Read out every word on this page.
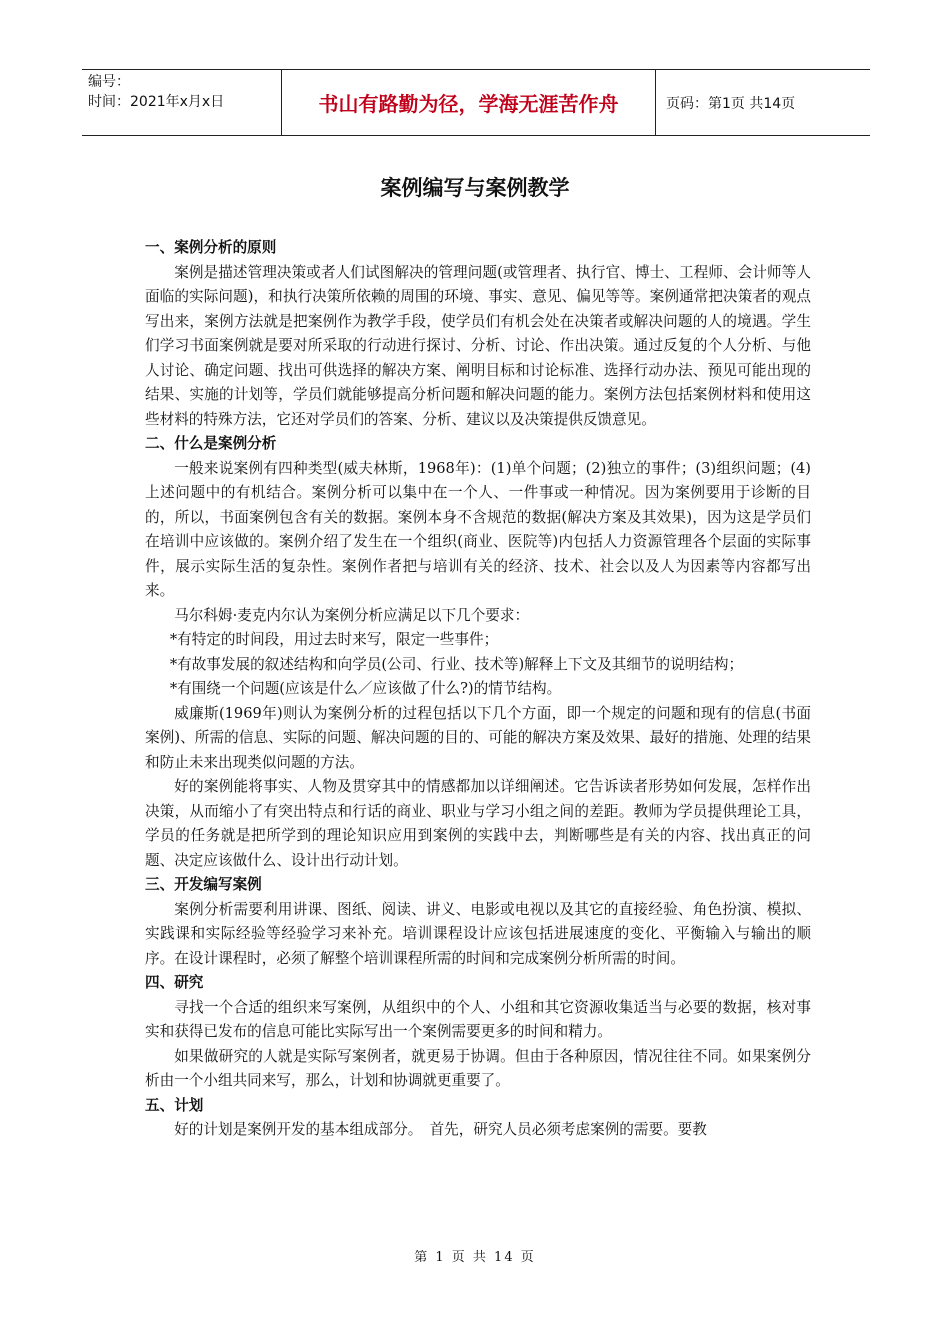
编号：
时间：2021年x月x日	书山有路勤为径，学海无涯苦作舟	页码：第1页 共14页
案例编写与案例教学

一、案例分析的原则

案例是描述管理决策或者人们试图解决的管理问题(或管理者、执行官、博士、工程师、会计师等人面临的实际问题)，和执行决策所依赖的周围的环境、事实、意见、偏见等等。案例通常把决策者的观点写出来，案例方法就是把案例作为教学手段，使学员们有机会处在决策者或解决问题的人的境遇。学生们学习书面案例就是要对所采取的行动进行探讨、分析、讨论、作出决策。通过反复的个人分析、与他人讨论、确定问题、找出可供选择的解决方案、阐明目标和讨论标准、选择行动办法、预见可能出现的结果、实施的计划等，学员们就能够提高分析问题和解决问题的能力。案例方法包括案例材料和使用这些材料的特殊方法，它还对学员们的答案、分析、建议以及决策提供反馈意见。

二、什么是案例分析

一般来说案例有四种类型(威夫林斯，1968年)：(1)单个问题；(2)独立的事件；(3)组织问题；(4)上述问题中的有机结合。案例分析可以集中在一个人、一件事或一种情况。因为案例要用于诊断的目的，所以，书面案例包含有关的数据。案例本身不含规范的数据(解决方案及其效果)，因为这是学员们在培训中应该做的。案例介绍了发生在一个组织(商业、医院等)内包括人力资源管理各个层面的实际事件，展示实际生活的复杂性。案例作者把与培训有关的经济、技术、社会以及人为因素等内容都写出来。

马尔科姆·麦克内尔认为案例分析应满足以下几个要求：

*有特定的时间段，用过去时来写，限定一些事件；

*有故事发展的叙述结构和向学员(公司、行业、技术等)解释上下文及其细节的说明结构；

*有围绕一个问题(应该是什么／应该做了什么?)的情节结构。

威廉斯(1969年)则认为案例分析的过程包括以下几个方面，即一个规定的问题和现有的信息(书面案例)、所需的信息、实际的问题、解决问题的目的、可能的解决方案及效果、最好的措施、处理的结果和防止未来出现类似问题的方法。

好的案例能将事实、人物及贯穿其中的情感都加以详细阐述。它告诉读者形势如何发展，怎样作出决策，从而缩小了有突出特点和行话的商业、职业与学习小组之间的差距。教师为学员提供理论工具，学员的任务就是把所学到的理论知识应用到案例的实践中去，判断哪些是有关的内容、找出真正的问题、决定应该做什么、设计出行动计划。

三、开发编写案例

案例分析需要利用讲课、图纸、阅读、讲义、电影或电视以及其它的直接经验、角色扮演、模拟、实践课和实际经验等经验学习来补充。培训课程设计应该包括进展速度的变化、平衡输入与输出的顺序。在设计课程时，必须了解整个培训课程所需的时间和完成案例分析所需的时间。

四、研究

寻找一个合适的组织来写案例，从组织中的个人、小组和其它资源收集适当与必要的数据，核对事实和获得已发布的信息可能比实际写出一个案例需要更多的时间和精力。

如果做研究的人就是实际写案例者，就更易于协调。但由于各种原因，情况往往不同。如果案例分析由一个小组共同来写，那么，计划和协调就更重要了。

五、计划

好的计划是案例开发的基本组成部分。　首先，研究人员必须考虑案例的需要。要教

第 1 页 共 14 页
